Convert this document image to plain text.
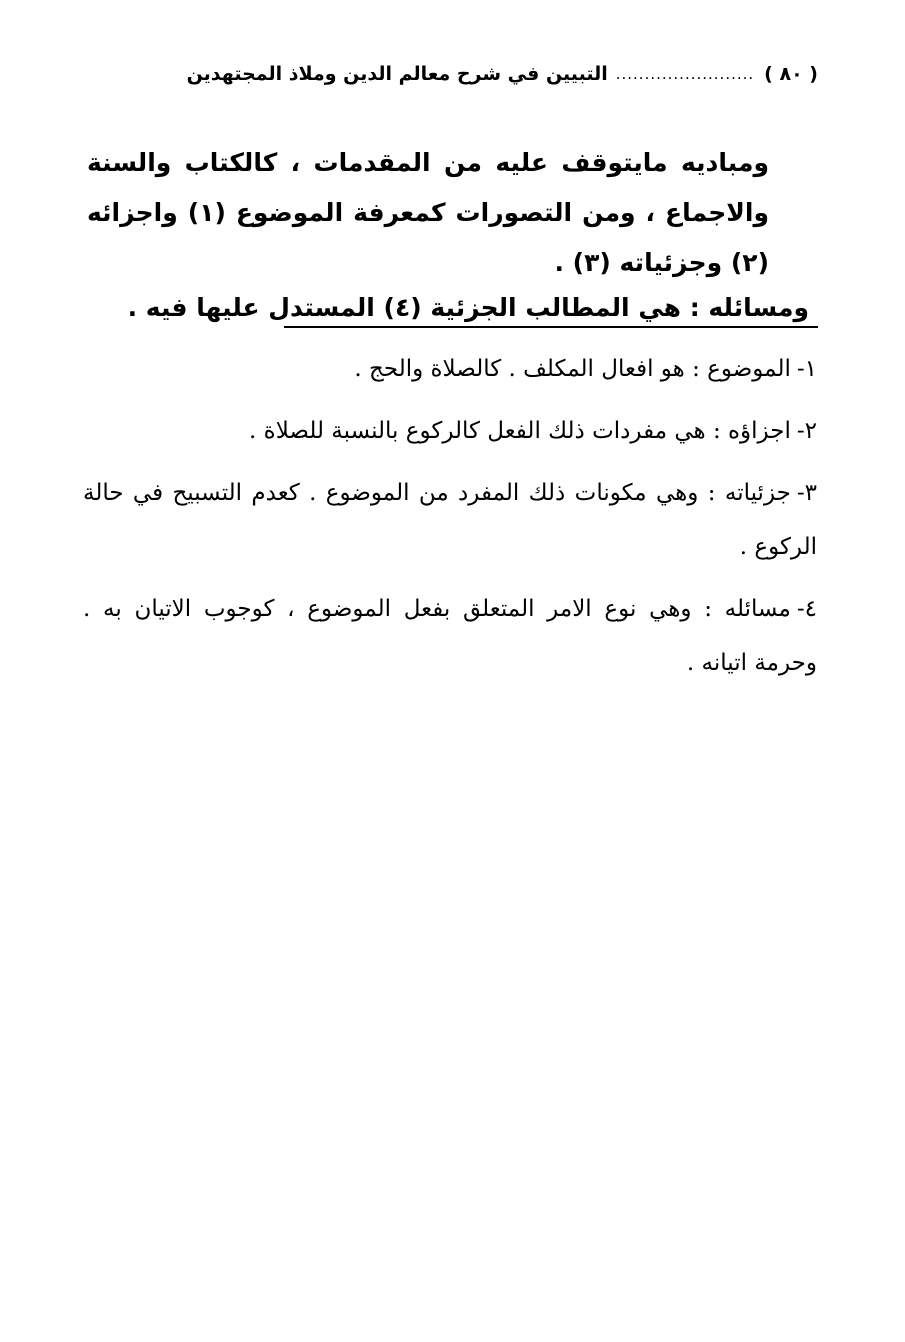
( ٨٠ )
........................
التبيين في شرح معالم الدين وملاذ المجتهدين

ومباديه مايتوقف عليه من المقدمات ، كالكتاب والسنة والاجماع ، ومن التصورات كمعرفة الموضوع (١) واجزائه (٢) وجزئياته (٣) .

ومسائله : هي المطالب الجزئية (٤) المستدل عليها فيه .

١-الموضوع : هو افعال المكلف . كالصلاة والحج .

٢-اجزاؤه : هي مفردات ذلك الفعل كالركوع بالنسبة للصلاة .

٣-جزئياته : وهي مكونات ذلك المفرد من الموضوع . كعدم التسبيح في حالة الركوع .

٤-مسائله : وهي نوع الامر المتعلق بفعل الموضوع ، كوجوب الاتيان به . وحرمة اتيانه .
